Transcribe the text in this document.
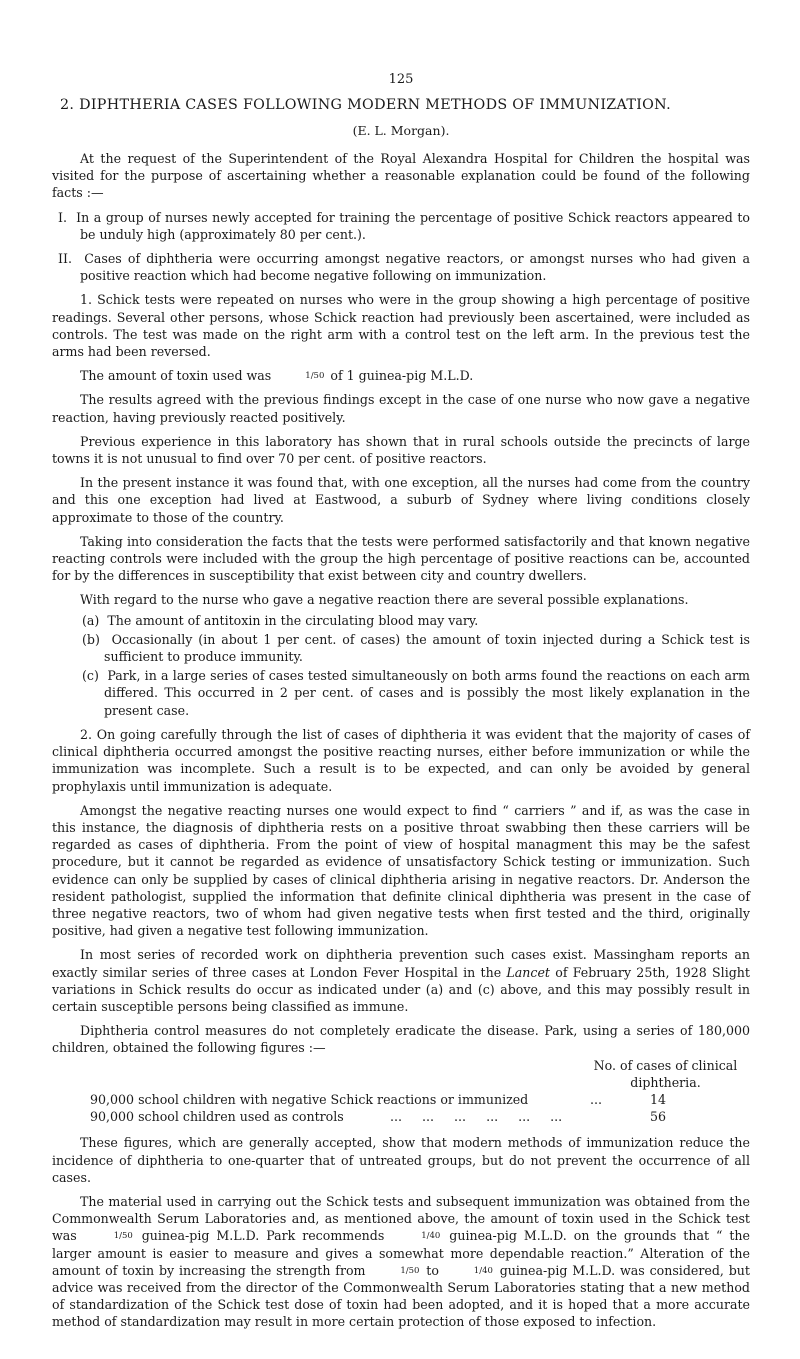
125
2. DIPHTHERIA CASES FOLLOWING MODERN METHODS OF IMMUNIZATION.
(E. L. Morgan).

At the request of the Superintendent of the Royal Alexandra Hospital for Children the hospital was visited for the purpose of ascertaining whether a reasonable explanation could be found of the following facts :—

I. In a group of nurses newly accepted for training the percentage of positive Schick reactors appeared to be unduly high (approximately 80 per cent.).

II. Cases of diphtheria were occurring amongst negative reactors, or amongst nurses who had given a positive reaction which had become negative following on immunization.

1. Schick tests were repeated on nurses who were in the group showing a high percentage of positive readings. Several other persons, whose Schick reaction had previously been ascertained, were included as controls. The test was made on the right arm with a control test on the left arm. In the previous test the arms had been reversed.

The amount of toxin used was	1/50 of 1 guinea-pig M.L.D.

The results agreed with the previous findings except in the case of one nurse who now gave a negative reaction, having previously reacted positively.

Previous experience in this laboratory has shown that in rural schools outside the precincts of large towns it is not unusual to find over 70 per cent. of positive reactors.

In the present instance it was found that, with one exception, all the nurses had come from the country and this one exception had lived at Eastwood, a suburb of Sydney where living conditions closely approximate to those of the country.

Taking into consideration the facts that the tests were performed satisfactorily and that known negative reacting controls were included with the group the high percentage of positive reactions can be, accounted for by the differences in susceptibility that exist between city and country dwellers.

With regard to the nurse who gave a negative reaction there are several possible explanations.

(a) The amount of antitoxin in the circulating blood may vary.

(b) Occasionally (in about 1 per cent. of cases) the amount of toxin injected during a Schick test is sufficient to produce immunity.

(c) Park, in a large series of cases tested simultaneously on both arms found the reactions on each arm differed. This occurred in 2 per cent. of cases and is possibly the most likely explanation in the present case.

2. On going carefully through the list of cases of diphtheria it was evident that the majority of cases of clinical diphtheria occurred amongst the positive reacting nurses, either before immunization or while the immunization was incomplete. Such a result is to be expected, and can only be avoided by general prophylaxis until immunization is adequate.

Amongst the negative reacting nurses one would expect to find “ carriers ” and if, as was the case in this instance, the diagnosis of diphtheria rests on a positive throat swabbing then these carriers will be regarded as cases of diphtheria. From the point of view of hospital managment this may be the safest procedure, but it cannot be regarded as evidence of unsatisfactory Schick testing or immunization. Such evidence can only be supplied by cases of clinical diphtheria arising in negative reactors. Dr. Anderson the resident pathologist, supplied the information that definite clinical diphtheria was present in the case of three negative reactors, two of whom had given negative tests when first tested and the third, originally positive, had given a negative test following immunization.

In most series of recorded work on diphtheria prevention such cases exist. Massingham reports an exactly similar series of three cases at London Fever Hospital in the Lancet of February 25th, 1928 Slight variations in Schick results do occur as indicated under (a) and (c) above, and this may possibly result in certain susceptible persons being classified as immune.

Diphtheria control measures do not completely eradicate the disease. Park, using a series of 180,000 children, obtained the following figures :—

No. of cases of clinical diphtheria.
90,000 school children with negative Schick reactions or immunized	...	14
90,000 school children used as controls	...     ...     ...     ...     ...     ...	56

These figures, which are generally accepted, show that modern methods of immunization reduce the incidence of diphtheria to one-quarter that of untreated groups, but do not prevent the occurrence of all cases.

The material used in carrying out the Schick tests and subsequent immunization was obtained from the Commonwealth Serum Laboratories and, as mentioned above, the amount of toxin used in the Schick test was	1/50 guinea-pig M.L.D. Park recommends	1/40 guinea-pig M.L.D. on the grounds that “ the larger amount is easier to measure and gives a somewhat more dependable reaction.” Alteration of the amount of toxin by increasing the strength from	1/50 to	1/40 guinea-pig M.L.D. was considered, but advice was received from the director of the Commonwealth Serum Laboratories stating that a new method of standardization of the Schick test dose of toxin had been adopted, and it is hoped that a more accurate method of standardization may result in more certain protection of those exposed to infection.
